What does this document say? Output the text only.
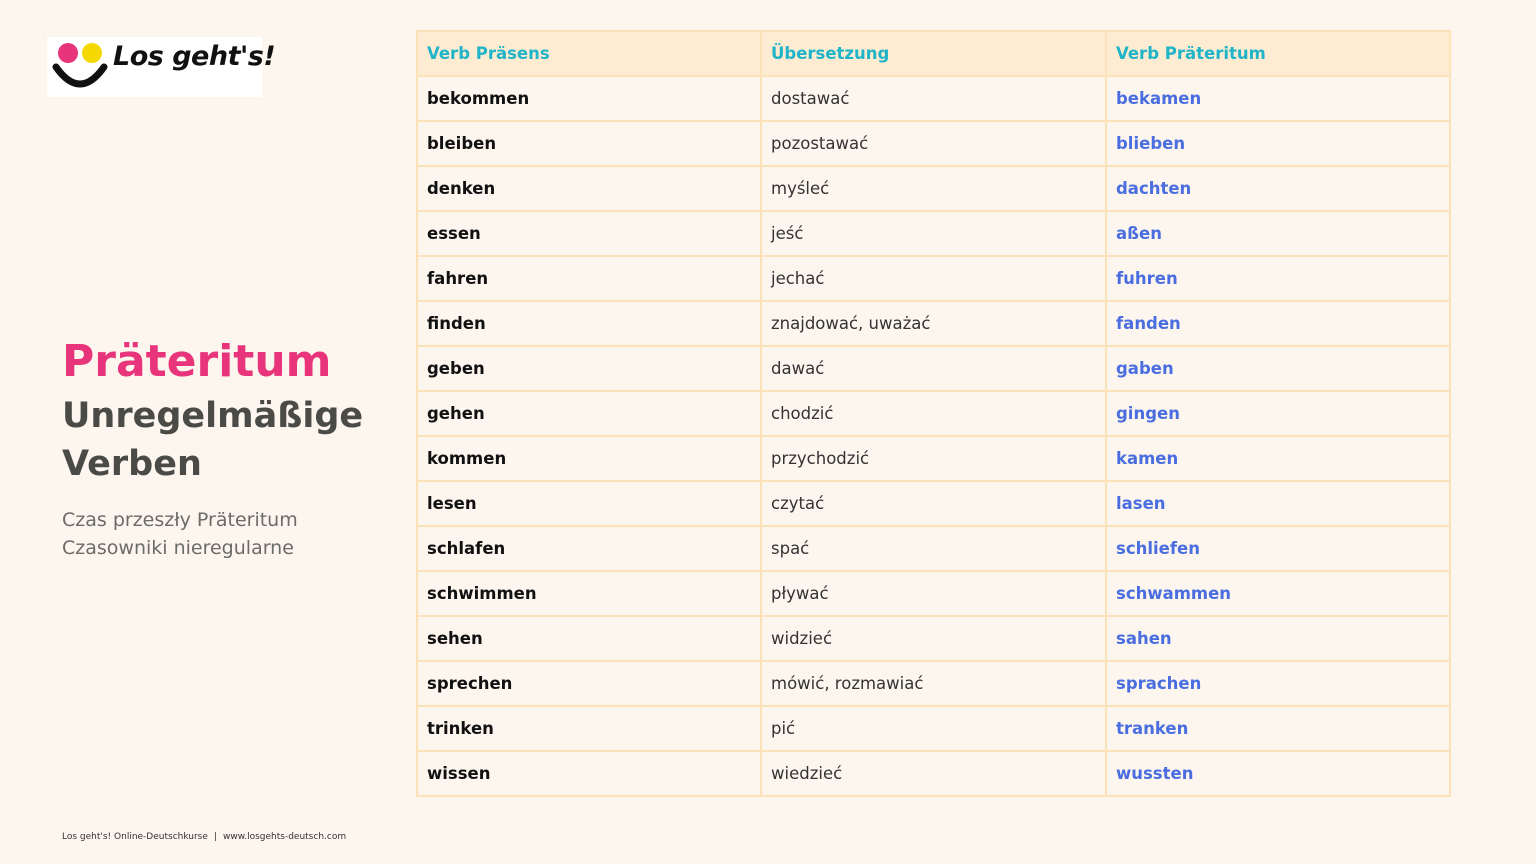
Los geht's!
Präteritum
Unregelmäßige
Verben
Czas przeszły Präteritum
Czasowniki nieregularne
Los geht's! Online-Deutschkurse | www.losgehts-deutsch.com
Verb Präsens	Übersetzung	Verb Präteritum
bekommen	dostawać	bekamen
bleiben	pozostawać	blieben
denken	myśleć	dachten
essen	jeść	aßen
fahren	jechać	fuhren
finden	znajdować, uważać	fanden
geben	dawać	gaben
gehen	chodzić	gingen
kommen	przychodzić	kamen
lesen	czytać	lasen
schlafen	spać	schliefen
schwimmen	pływać	schwammen
sehen	widzieć	sahen
sprechen	mówić, rozmawiać	sprachen
trinken	pić	tranken
wissen	wiedzieć	wussten
